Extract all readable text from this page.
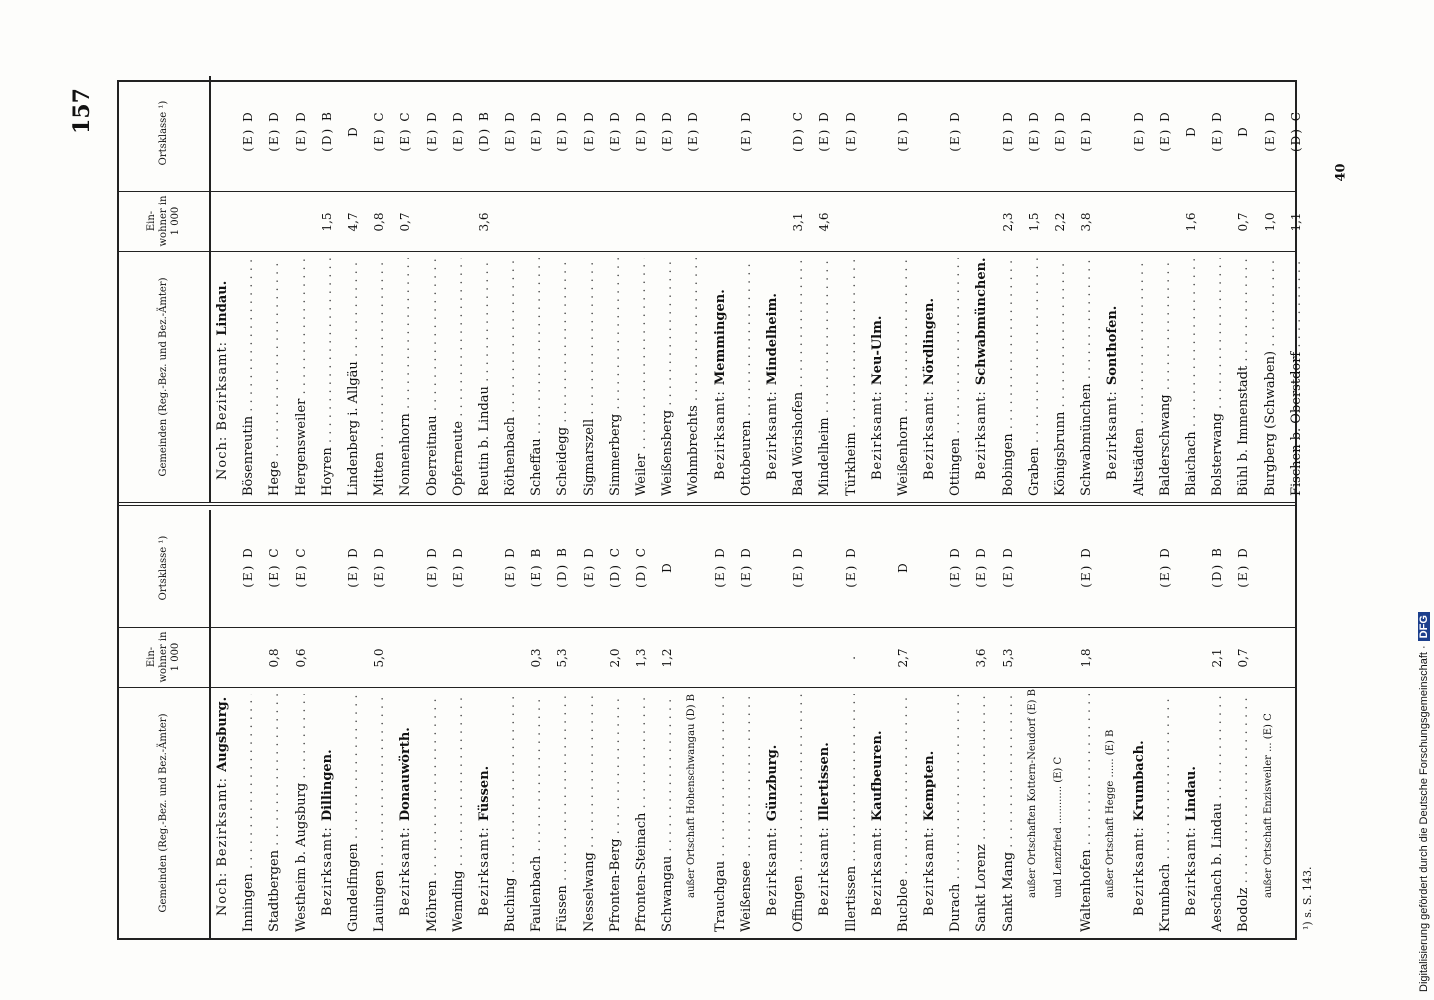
157
Gemeinden (Reg.-Bez. und Bez.-Ämter)
Ein- wohner in 1 000
Ortsklasse ¹)
Noch: Bezirksamt: Augsburg.
Inningen . . .
(E) D
Stadtbergen . . .
0,8
(E) C
Westheim b. Augsburg . . .
0,6
(E) C
Bezirksamt: Dillingen.
Gundelfingen . . .
(E) D
Lauingen . . .
5,0
(E) D
Bezirksamt: Donauwörth.
Möhren . . .
(E) D
Wemding . . .
(E) D
Bezirksamt: Füssen.
Buching . . .
(E) D
Faulenbach . . .
0,3
(E) B
Füssen . . .
5,3
(D) B
Nesselwang . . .
(E) D
Pfronten-Berg . . .
2,0
(D) C
Pfronten-Steinach . . .
1,3
(D) C
Schwangau . . .
1,2
D
außer Ortschaft Hohenschwangau (D) B Trauchgau . . .
(E) D
Weißensee . . .
(E) D
Bezirksamt: Günzburg.
Offingen . . .
(E) D
Bezirksamt: Illertissen.
Illertissen . . .
.
(E) D
Bezirksamt: Kaufbeuren.
Bucbloe . . .
2,7
D
Bezirksamt: Kempten.
Durach . . .
(E) D
Sankt Lorenz . . .
3,6
(E) D
Sankt Mang . . .
5,3
(E) D
außer Ortschaften Kottern-Neudorf (E) B und Lenzfried ............ (E) C Waltenhofen . . .
1,8
(E) D
außer Ortschaft Hegge ...... (E) B Bezirksamt: Krumbach.
Krumbach . . .
(E) D
Bezirksamt: Lindau.
Aeschach b. Lindau . . .
2,1
(D) B
Bodolz . . .
0,7
(E) D
außer Ortschaft Enzisweiler ... (E) C
Gemeinden (Reg.-Bez. und Bez.-Ämter)
Ein- wohner in 1 000
Ortsklasse ¹)
Noch: Bezirksamt: Lindau.
Bösenreutin . . .
(E) D
Hege . . .
(E) D
Hergensweiler . . .
(E) D
Hoyren . . .
1,5
(D) B
Lindenberg i. Allgäu . . .
4,7
D
Mitten . . .
0,8
(E) C
Nonnenhorn . . .
0,7
(E) C
Oberreitnau . . .
(E) D
Opferneute . . .
(E) D
Reutin b. Lindau . . .
3,6
(D) B
Röthenbach . . .
(E) D
Scheffau . . .
(E) D
Scheidegg . . .
(E) D
Sigmarszell . . .
(E) D
Simmerberg . . .
(E) D
Weiler . . .
(E) D
Weißensberg . . .
(E) D
Wohmbrechts . . .
(E) D
Bezirksamt: Memmingen.
Ottobeuren . . .
(E) D
Bezirksamt: Mindelheim.
Bad Wörishofen . . .
3,1
(D) C
Mindelheim . . .
4,6
(E) D
Türkheim . . .
(E) D
Bezirksamt: Neu-Ulm.
Weißenhorn . . .
(E) D
Bezirksamt: Nördlingen.
Öttingen . . .
(E) D
Bezirksamt: Schwabmünchen.
Bobingen . . .
2,3
(E) D
Graben . . .
1,5
(E) D
Königsbrunn . . .
2,2
(E) D
Schwabmünchen . . .
3,8
(E) D
Bezirksamt: Sonthofen.
Altstädten . . .
(E) D
Balderschwang . . .
(E) D
Blaichach . . .
1,6
D
Bolsterwang . . .
(E) D
Bühl b. Immenstadt . . .
0,7
D
Burgberg (Schwaben) . . .
1,0
(E) D
Fischen b. Oberstdorf . . .
1,1
(D) C
¹) s. S. 143.
40
Digitalisierung gefördert durch die Deutsche Forschungsgemeinschaft ·DFG
